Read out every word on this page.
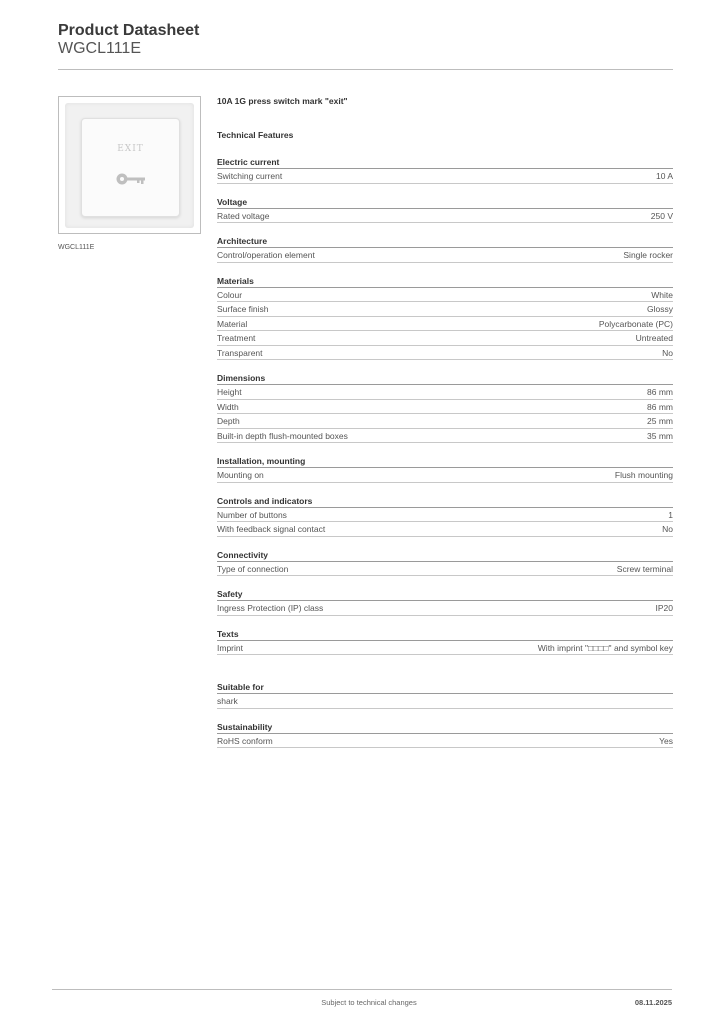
Product Datasheet
WGCL111E
EXIT
WGCL111E
10A 1G press switch mark "exit"
Technical Features
Electric current
Switching current	10 A
Voltage
Rated voltage	250 V
Architecture
Control/operation element	Single rocker
Materials
Colour	White
Surface finish	Glossy
Material	Polycarbonate (PC)
Treatment	Untreated
Transparent	No
Dimensions
Height	86 mm
Width	86 mm
Depth	25 mm
Built-in depth flush-mounted boxes	35 mm
Installation, mounting
Mounting on	Flush mounting
Controls and indicators
Number of buttons	1
With feedback signal contact	No
Connectivity
Type of connection	Screw terminal
Safety
Ingress Protection (IP) class	IP20
Texts
Imprint	With imprint "□□□□" and symbol key
Suitable for
shark
Sustainability
RoHS conform	Yes
Subject to technical changes	08.11.2025
